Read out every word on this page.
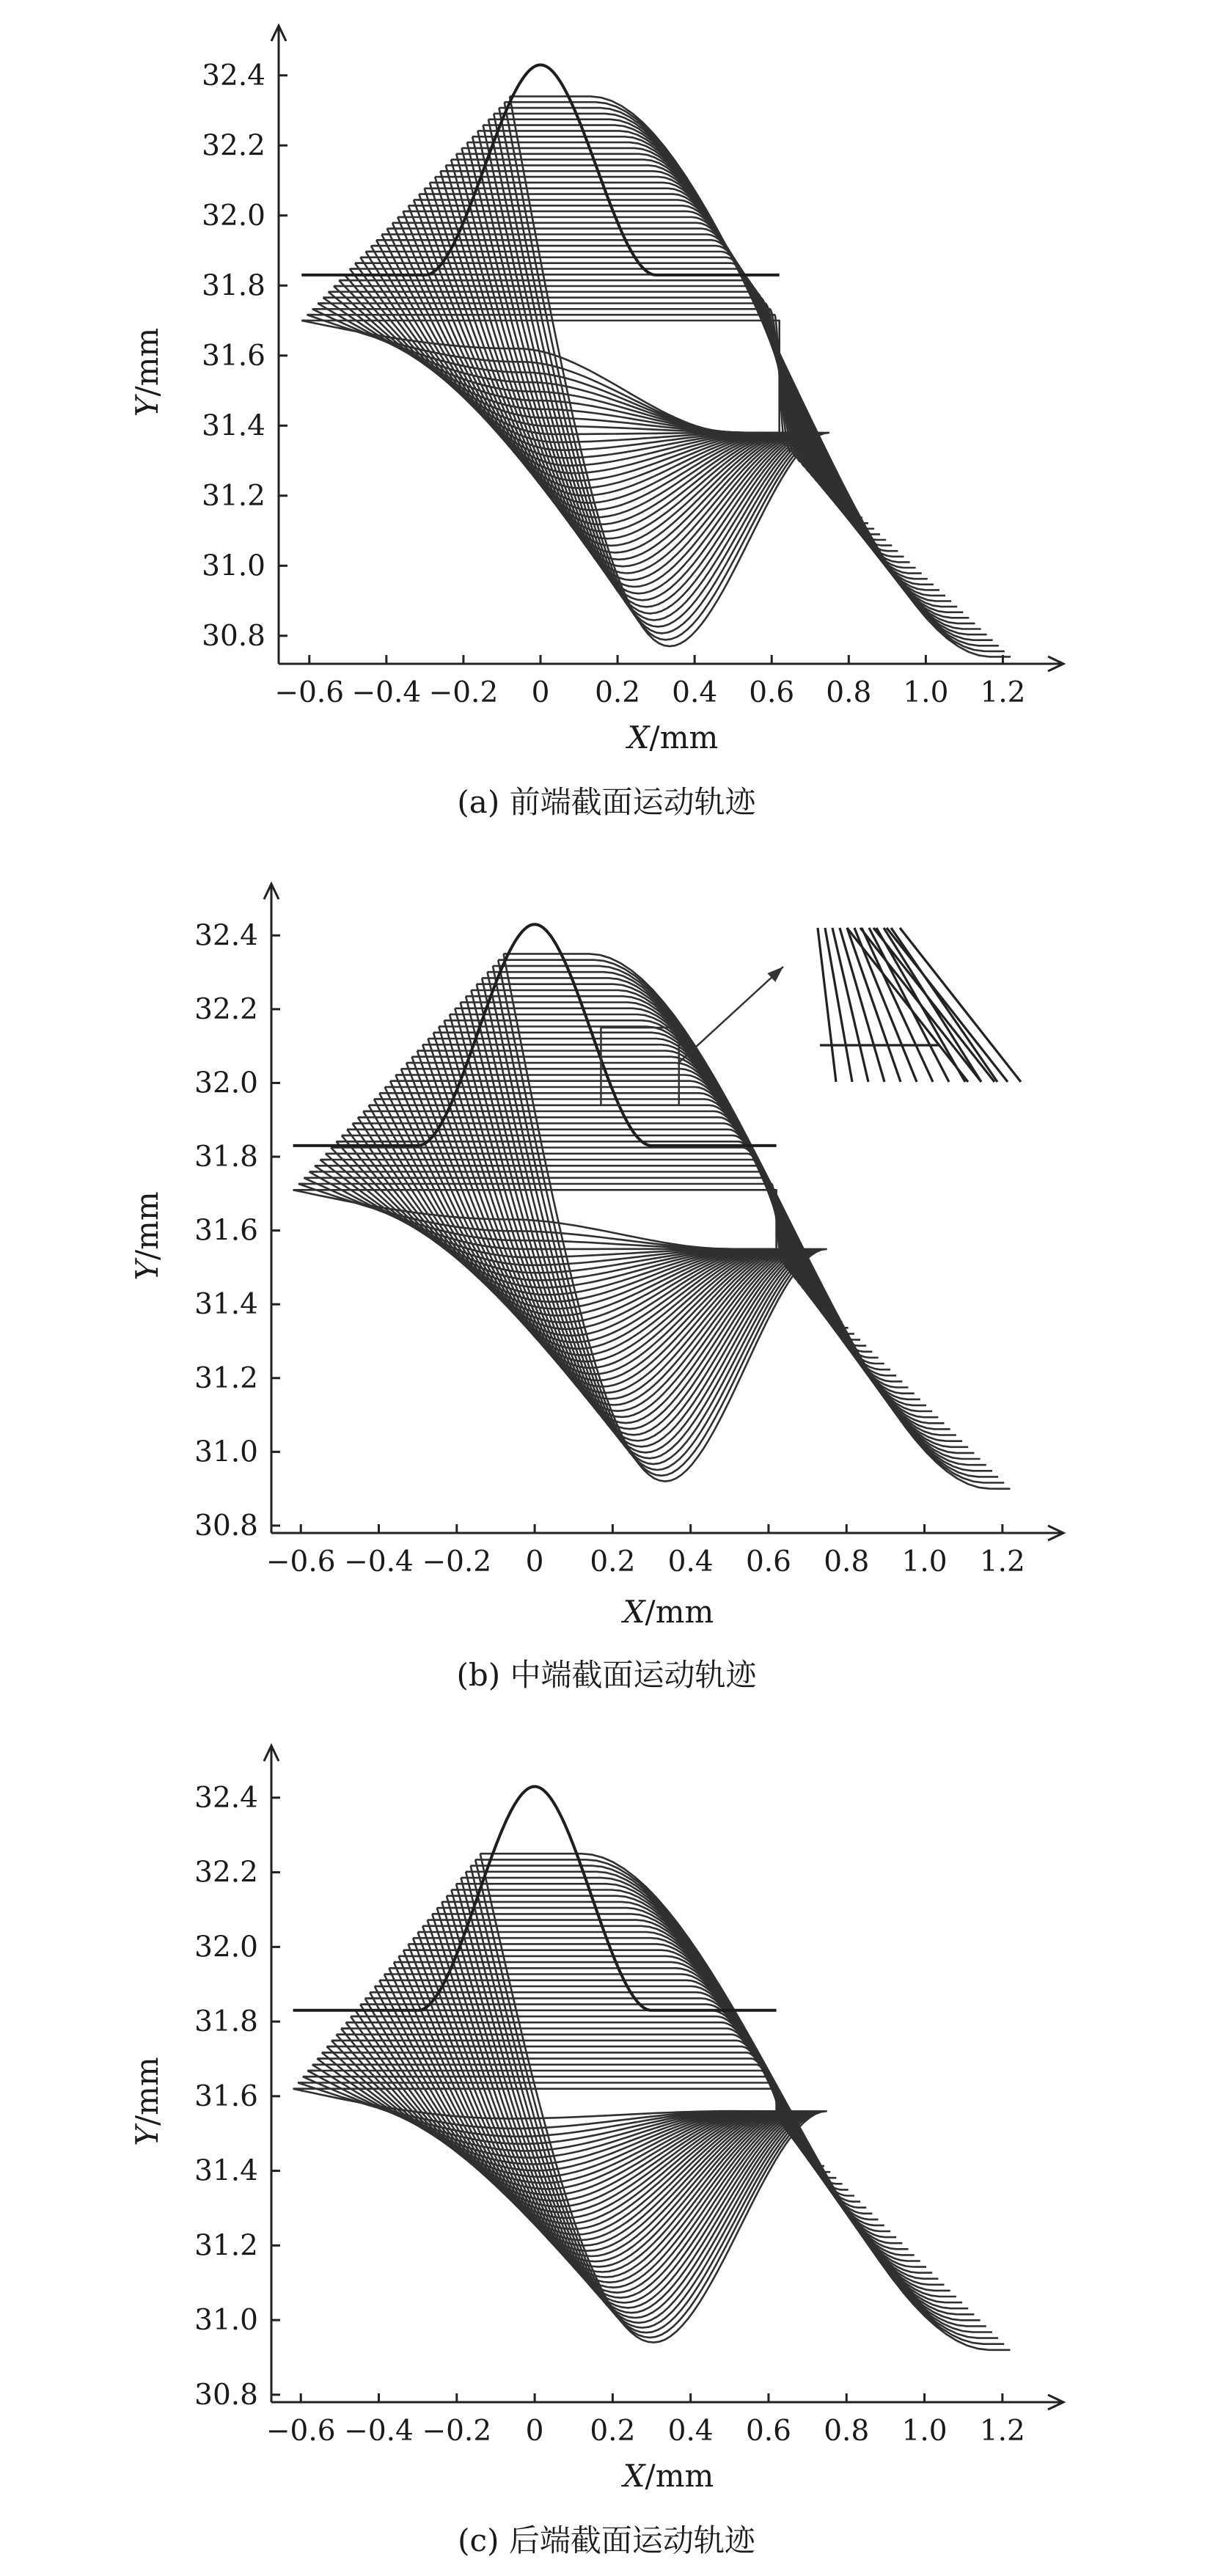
−0.6 −0.4 −0.2 0 0.2 0.4 0.6 0.8 1.0 1.2
30.8
31.0
31.2
31.4
31.6
31.8
32.0
32.2
32.4
X/mm
Y/mm
(a) 前端截面运动轨迹
−0.6 −0.4 −0.2 0 0.2 0.4 0.6 0.8 1.0 1.2
30.8
31.0
31.2
31.4
31.6
31.8
32.0
32.2
32.4
X/mm
Y/mm
(b) 中端截面运动轨迹
−0.6 −0.4 −0.2 0 0.2 0.4 0.6 0.8 1.0 1.2
30.8
31.0
31.2
31.4
31.6
31.8
32.0
32.2
32.4
X/mm
Y/mm
(c) 后端截面运动轨迹
